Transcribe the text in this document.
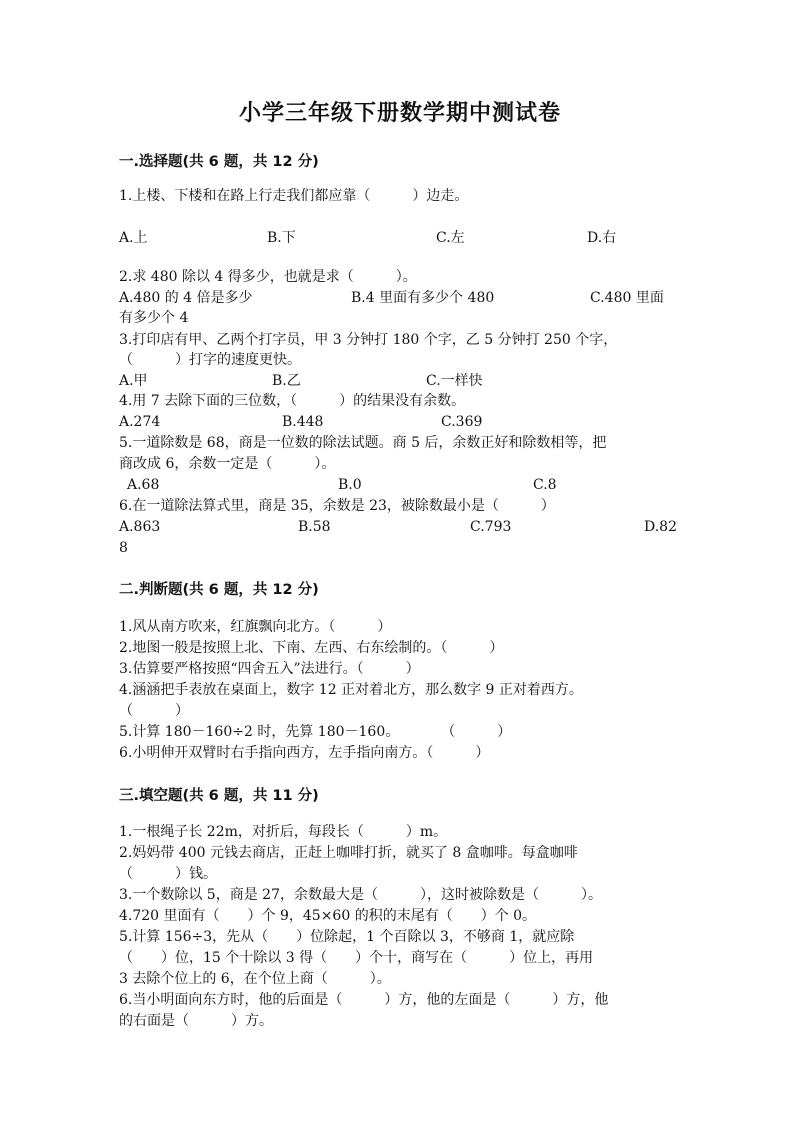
小学三年级下册数学期中测试卷
一.选择题(共 6 题，共 12 分)
1.上楼、下楼和在路上行走我们都应靠（　　　）边走。
A.上	B.下	C.左	D.右
2.求 480 除以 4 得多少，也就是求（　　　）。
A.480 的 4 倍是多少	B.4 里面有多少个 480	C.480 里面
有多少个 4
3.打印店有甲、乙两个打字员，甲 3 分钟打 180 个字，乙 5 分钟打 250 个字，
（　　　）打字的速度更快。
A.甲	B.乙	C.一样快
4.用 7 去除下面的三位数，（　　　）的结果没有余数。
A.274	B.448	C.369
5.一道除数是 68，商是一位数的除法试题。商 5 后，余数正好和除数相等，把
商改成 6，余数一定是（　　　）。
A.68	B.0	C.8
6.在一道除法算式里，商是 35，余数是 23，被除数最小是（　　　）
A.863	B.58	C.793	D.82
8
二.判断题(共 6 题，共 12 分)
1.风从南方吹来，红旗飘向北方。（　　　）
2.地图一般是按照上北、下南、左西、右东绘制的。（　　　）
3.估算要严格按照“四舍五入”法进行。（　　　）
4.涵涵把手表放在桌面上，数字 12 正对着北方，那么数字 9 正对着西方。
（　　　）
5.计算 180－160÷2 时，先算 180－160。　　　　（　　　）
6.小明伸开双臂时右手指向西方，左手指向南方。（　　　）
三.填空题(共 6 题，共 11 分)
1.一根绳子长 22m，对折后，每段长（　　　）m。
2.妈妈带 400 元钱去商店，正赶上咖啡打折，就买了 8 盒咖啡。每盒咖啡
（　　　）钱。
3.一个数除以 5，商是 27，余数最大是（　　　），这时被除数是（　　　）。
4.720 里面有（　　）个 9，45×60 的积的末尾有（　　）个 0。
5.计算 156÷3，先从（　　）位除起，1 个百除以 3，不够商 1，就应除
（　　）位，15 个十除以 3 得（　　）个十，商写在（　　　）位上，再用
3 去除个位上的 6，在个位上商（　　　）。
6.当小明面向东方时，他的后面是（　　　）方，他的左面是（　　　）方，他
的右面是（　　　）方。
